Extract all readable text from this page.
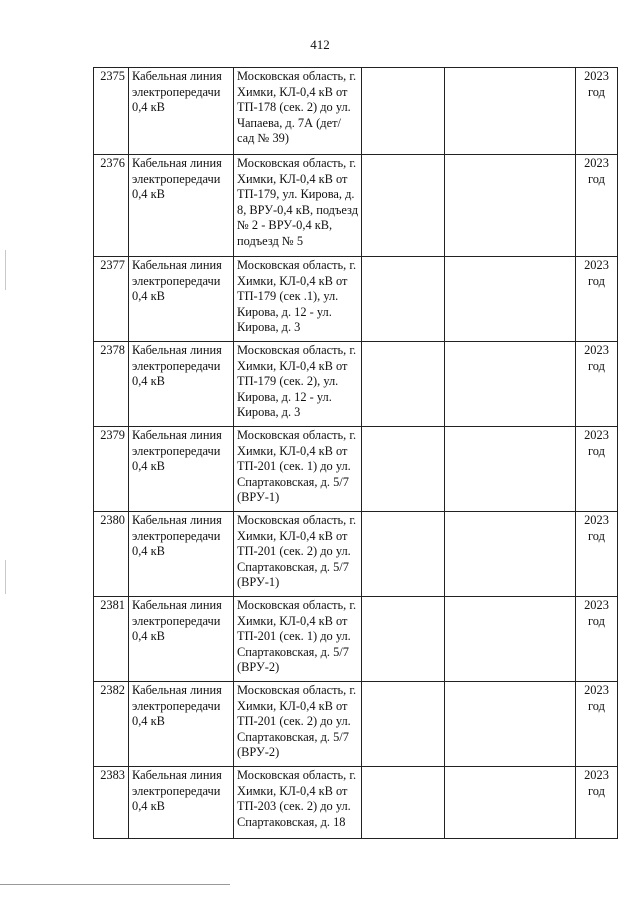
412
2375	Кабельная линия электропередачи 0,4 кВ	Московская область, г. Химки, КЛ-0,4 кВ от ТП-178 (сек. 2) до ул. Чапаева, д. 7А (дет/сад № 39)			2023 год
2376	Кабельная линия электропередачи 0,4 кВ	Московская область, г. Химки, КЛ-0,4 кВ от ТП-179, ул. Кирова, д. 8, ВРУ-0,4 кВ, подъезд № 2 - ВРУ-0,4 кВ, подъезд № 5			2023 год
2377	Кабельная линия электропередачи 0,4 кВ	Московская область, г. Химки, КЛ-0,4 кВ от ТП-179 (сек .1), ул. Кирова, д. 12 - ул. Кирова, д. 3			2023 год
2378	Кабельная линия электропередачи 0,4 кВ	Московская область, г. Химки, КЛ-0,4 кВ от ТП-179 (сек. 2), ул. Кирова, д. 12 - ул. Кирова, д. 3			2023 год
2379	Кабельная линия электропередачи 0,4 кВ	Московская область, г. Химки, КЛ-0,4 кВ от ТП-201 (сек. 1) до ул. Спартаковская, д. 5/7 (ВРУ-1)			2023 год
2380	Кабельная линия электропередачи 0,4 кВ	Московская область, г. Химки, КЛ-0,4 кВ от ТП-201 (сек. 2) до ул. Спартаковская, д. 5/7 (ВРУ-1)			2023 год
2381	Кабельная линия электропередачи 0,4 кВ	Московская область, г. Химки, КЛ-0,4 кВ от ТП-201 (сек. 1) до ул. Спартаковская, д. 5/7 (ВРУ-2)			2023 год
2382	Кабельная линия электропередачи 0,4 кВ	Московская область, г. Химки, КЛ-0,4 кВ от ТП-201 (сек. 2) до ул. Спартаковская, д. 5/7 (ВРУ-2)			2023 год
2383	Кабельная линия электропередачи 0,4 кВ	Московская область, г. Химки, КЛ-0,4 кВ от ТП-203 (сек. 2) до ул. Спартаковская, д. 18			2023 год
